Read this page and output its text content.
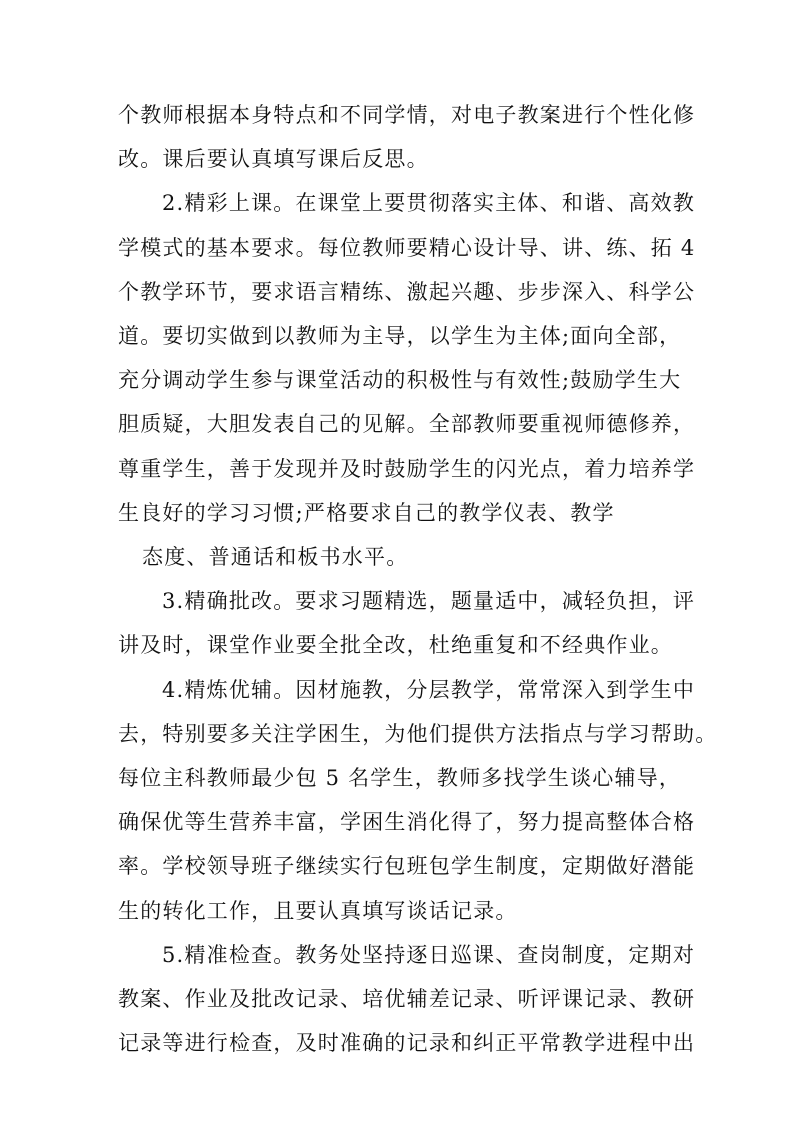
个教师根据本身特点和不同学情，对电子教案进行个性化修
改。课后要认真填写课后反思。
2.精彩上课。在课堂上要贯彻落实主体、和谐、高效教
学模式的基本要求。每位教师要精心设计导、讲、练、拓 4
个教学环节，要求语言精练、激起兴趣、步步深入、科学公
道。要切实做到以教师为主导，以学生为主体;面向全部，
充分调动学生参与课堂活动的积极性与有效性;鼓励学生大
胆质疑，大胆发表自己的见解。全部教师要重视师德修养，
尊重学生，善于发现并及时鼓励学生的闪光点，着力培养学
生良好的学习习惯;严格要求自己的教学仪表、教学
态度、普通话和板书水平。
3.精确批改。要求习题精选，题量适中，减轻负担，评
讲及时，课堂作业要全批全改，杜绝重复和不经典作业。
4.精炼优辅。因材施教，分层教学，常常深入到学生中
去，特别要多关注学困生，为他们提供方法指点与学习帮助。
每位主科教师最少包 5 名学生，教师多找学生谈心辅导，
确保优等生营养丰富，学困生消化得了，努力提高整体合格
率。学校领导班子继续实行包班包学生制度，定期做好潜能
生的转化工作，且要认真填写谈话记录。
5.精准检查。教务处坚持逐日巡课、查岗制度，定期对
教案、作业及批改记录、培优辅差记录、听评课记录、教研
记录等进行检查，及时准确的记录和纠正平常教学进程中出
